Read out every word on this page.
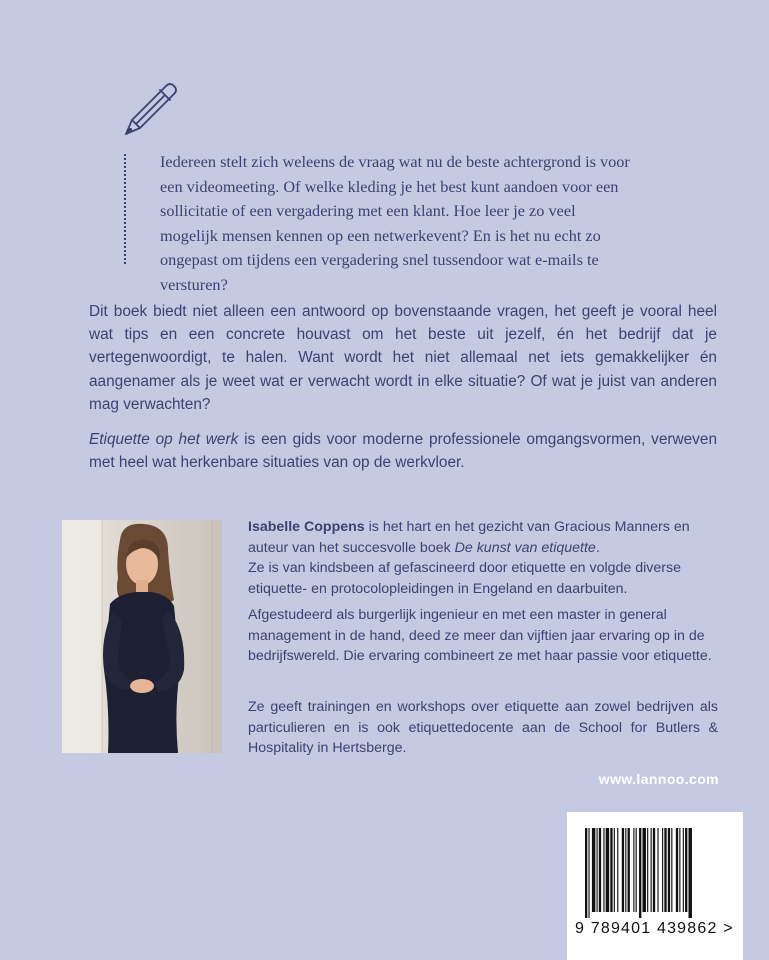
Iedereen stelt zich weleens de vraag wat nu de beste achtergrond is voor een videomeeting. Of welke kleding je het best kunt aandoen voor een sollicitatie of een vergadering met een klant. Hoe leer je zo veel mogelijk mensen kennen op een netwerkevent? En is het nu echt zo ongepast om tijdens een vergadering snel tussendoor wat e-mails te versturen?

Dit boek biedt niet alleen een antwoord op bovenstaande vragen, het geeft je vooral heel wat tips en een concrete houvast om het beste uit jezelf, én het bedrijf dat je vertegenwoordigt, te halen. Want wordt het niet allemaal net iets gemakkelijker én aangenamer als je weet wat er verwacht wordt in elke situatie? Of wat je juist van anderen mag verwachten?

Etiquette op het werk is een gids voor moderne professionele omgangsvormen, verweven met heel wat herkenbare situaties van op de werkvloer.

Isabelle Coppens is het hart en het gezicht van Gracious Manners en auteur van het succesvolle boek De kunst van etiquette.
Ze is van kindsbeen af gefascineerd door etiquette en volgde diverse etiquette- en protocolopleidingen in Engeland en daarbuiten.

Afgestudeerd als burgerlijk ingenieur en met een master in general management in de hand, deed ze meer dan vijftien jaar ervaring op in de bedrijfswereld. Die ervaring combineert ze met haar passie voor etiquette.

Ze geeft trainingen en workshops over etiquette aan zowel bedrijven als particulieren en is ook etiquettedocente aan de School for Butlers & Hospitality in Hertsberge.

www.lannoo.com
9 789401 439862 >
